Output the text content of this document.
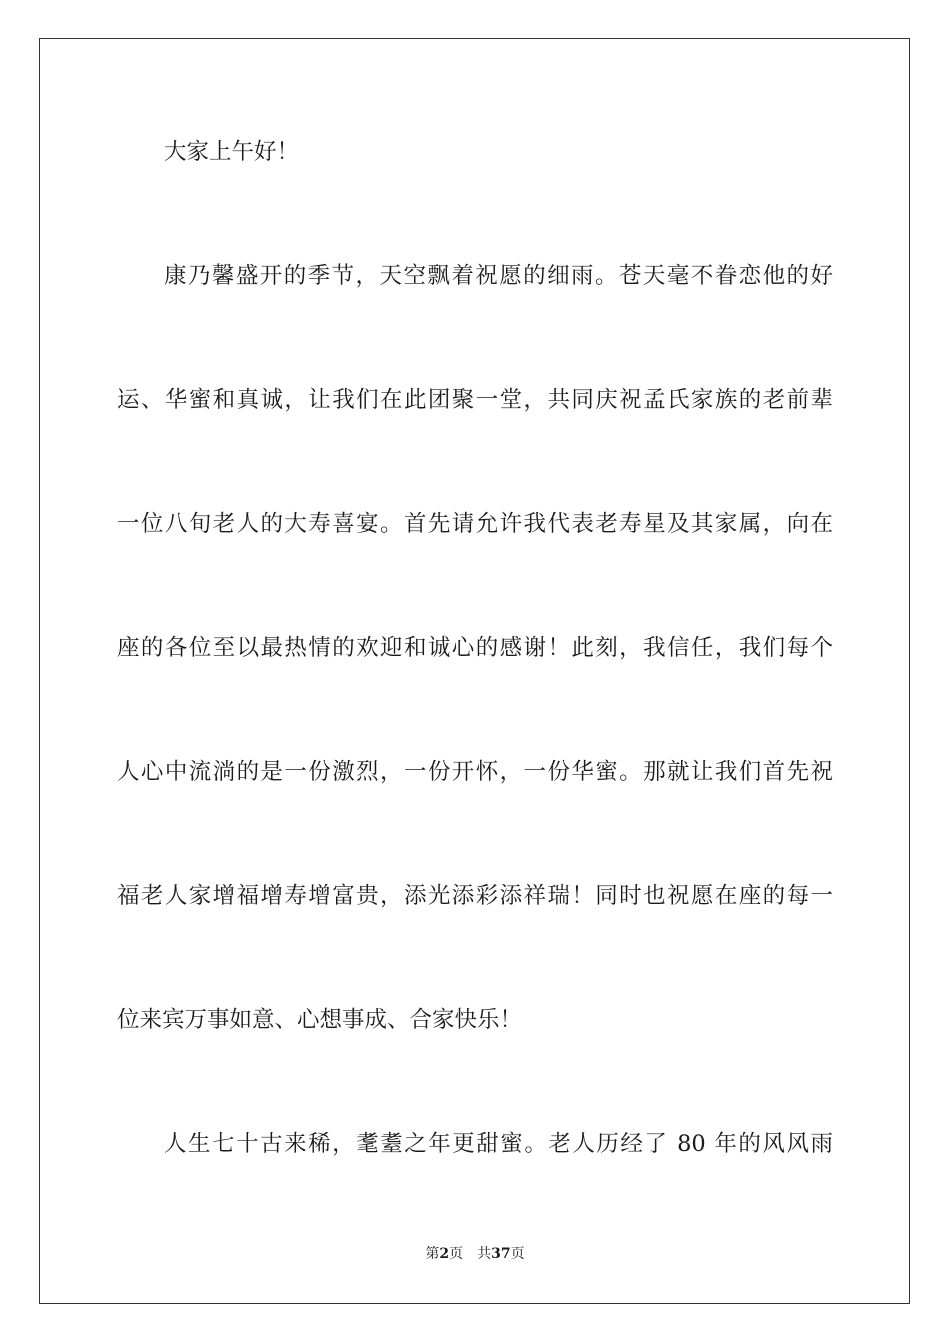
大家上午好！
康乃馨盛开的季节，天空飘着祝愿的细雨。苍天毫不眷恋他的好
运、华蜜和真诚，让我们在此团聚一堂，共同庆祝孟氏家族的老前辈
一位八旬老人的大寿喜宴。首先请允许我代表老寿星及其家属，向在
座的各位至以最热情的欢迎和诚心的感谢！此刻，我信任，我们每个
人心中流淌的是一份激烈，一份开怀，一份华蜜。那就让我们首先祝
福老人家增福增寿增富贵，添光添彩添祥瑞！同时也祝愿在座的每一
位来宾万事如意、心想事成、合家快乐！
人生七十古来稀，耄耋之年更甜蜜。老人历经了 80 年的风风雨
第2页 共37页
